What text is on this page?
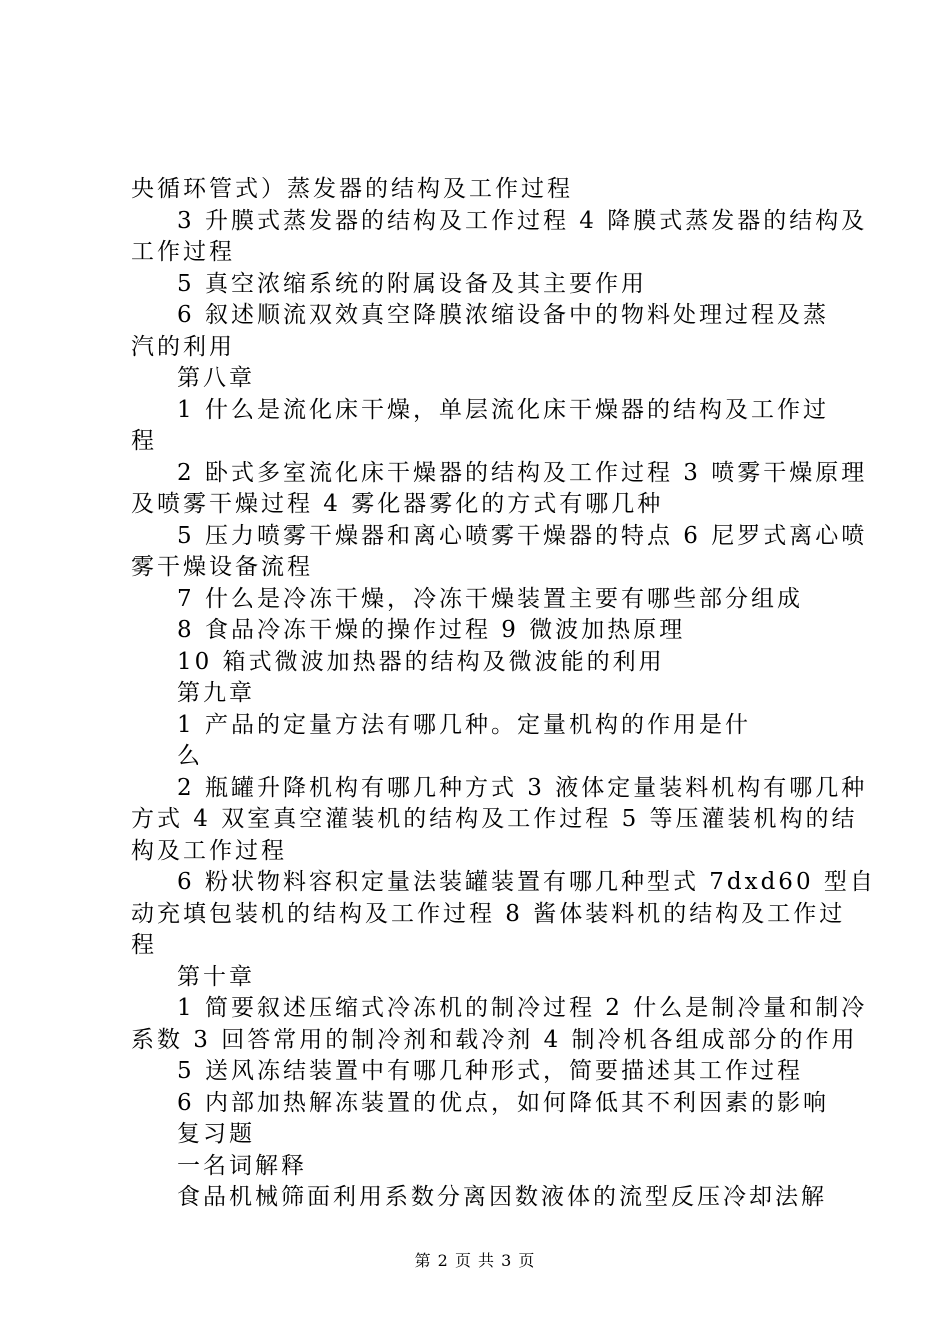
央循环管式）蒸发器的结构及工作过程
3 升膜式蒸发器的结构及工作过程 4 降膜式蒸发器的结构及
工作过程
5 真空浓缩系统的附属设备及其主要作用
6 叙述顺流双效真空降膜浓缩设备中的物料处理过程及蒸
汽的利用
第八章
1 什么是流化床干燥，单层流化床干燥器的结构及工作过
程
2 卧式多室流化床干燥器的结构及工作过程 3 喷雾干燥原理
及喷雾干燥过程 4 雾化器雾化的方式有哪几种
5 压力喷雾干燥器和离心喷雾干燥器的特点 6 尼罗式离心喷
雾干燥设备流程
7 什么是冷冻干燥，冷冻干燥装置主要有哪些部分组成
8 食品冷冻干燥的操作过程 9 微波加热原理
10 箱式微波加热器的结构及微波能的利用
第九章
1 产品的定量方法有哪几种。定量机构的作用是什
么
2 瓶罐升降机构有哪几种方式 3 液体定量装料机构有哪几种
方式 4 双室真空灌装机的结构及工作过程 5 等压灌装机构的结
构及工作过程
6 粉状物料容积定量法装罐装置有哪几种型式 7dxd60 型自
动充填包装机的结构及工作过程 8 酱体装料机的结构及工作过
程
第十章
1 简要叙述压缩式冷冻机的制冷过程 2 什么是制冷量和制冷
系数 3 回答常用的制冷剂和载冷剂 4 制冷机各组成部分的作用
5 送风冻结装置中有哪几种形式，简要描述其工作过程
6 内部加热解冻装置的优点，如何降低其不利因素的影响
复习题
一名词解释
食品机械筛面利用系数分离因数液体的流型反压冷却法解
第 2 页 共 3 页
